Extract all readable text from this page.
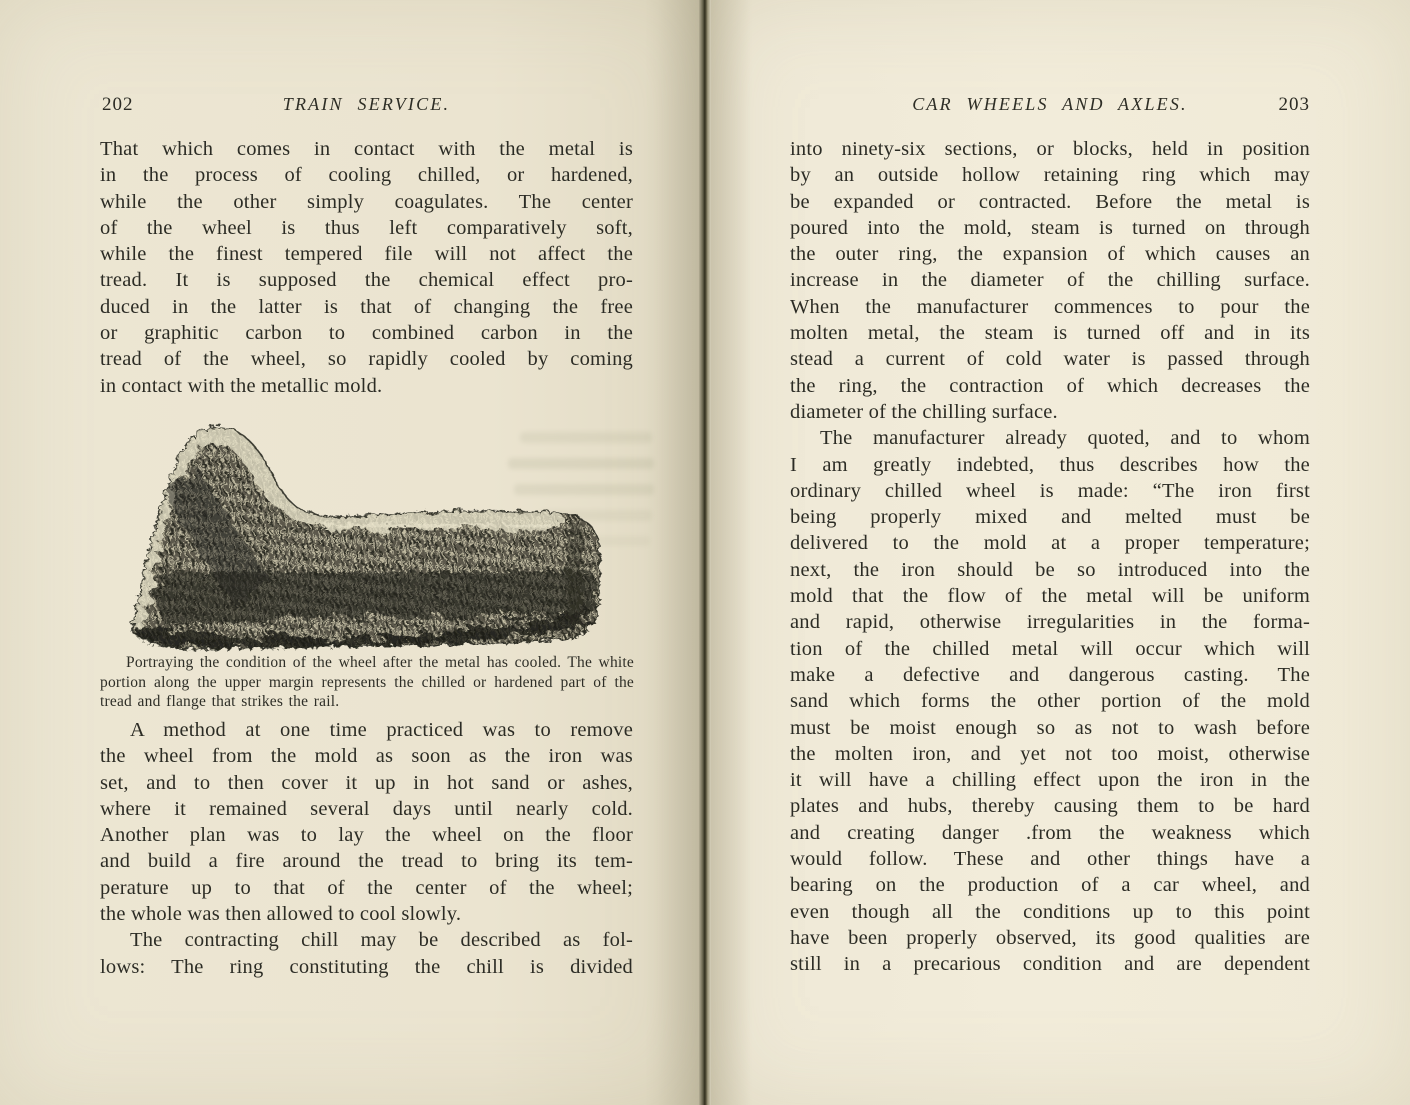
202	TRAIN SERVICE.	CAR WHEELS AND AXLES.	203
That which comes in contact with the metal is
in the process of cooling chilled, or hardened,
while the other simply coagulates. The center
of the wheel is thus left comparatively soft,
while the finest tempered file will not affect the
tread. It is supposed the chemical effect pro-
duced in the latter is that of changing the free
or graphitic carbon to combined carbon in the
tread of the wheel, so rapidly cooled by coming
in contact with the metallic mold.
Portraying the condition of the wheel after the metal has cooled. The white portion along the upper margin represents the chilled or hardened part of the tread and flange that strikes the rail.
A method at one time practiced was to remove
the wheel from the mold as soon as the iron was
set, and to then cover it up in hot sand or ashes,
where it remained several days until nearly cold.
Another plan was to lay the wheel on the floor
and build a fire around the tread to bring its tem-
perature up to that of the center of the wheel;
the whole was then allowed to cool slowly.
The contracting chill may be described as fol-
lows: The ring constituting the chill is divided
into ninety-six sections, or blocks, held in position
by an outside hollow retaining ring which may
be expanded or contracted. Before the metal is
poured into the mold, steam is turned on through
the outer ring, the expansion of which causes an
increase in the diameter of the chilling surface.
When the manufacturer commences to pour the
molten metal, the steam is turned off and in its
stead a current of cold water is passed through
the ring, the contraction of which decreases the
diameter of the chilling surface.
The manufacturer already quoted, and to whom
I am greatly indebted, thus describes how the
ordinary chilled wheel is made: “The iron first
being properly mixed and melted must be
delivered to the mold at a proper temperature;
next, the iron should be so introduced into the
mold that the flow of the metal will be uniform
and rapid, otherwise irregularities in the forma-
tion of the chilled metal will occur which will
make a defective and dangerous casting. The
sand which forms the other portion of the mold
must be moist enough so as not to wash before
the molten iron, and yet not too moist, otherwise
it will have a chilling effect upon the iron in the
plates and hubs, thereby causing them to be hard
and creating danger .from the weakness which
would follow. These and other things have a
bearing on the production of a car wheel, and
even though all the conditions up to this point
have been properly observed, its good qualities are
still in a precarious condition and are dependent
